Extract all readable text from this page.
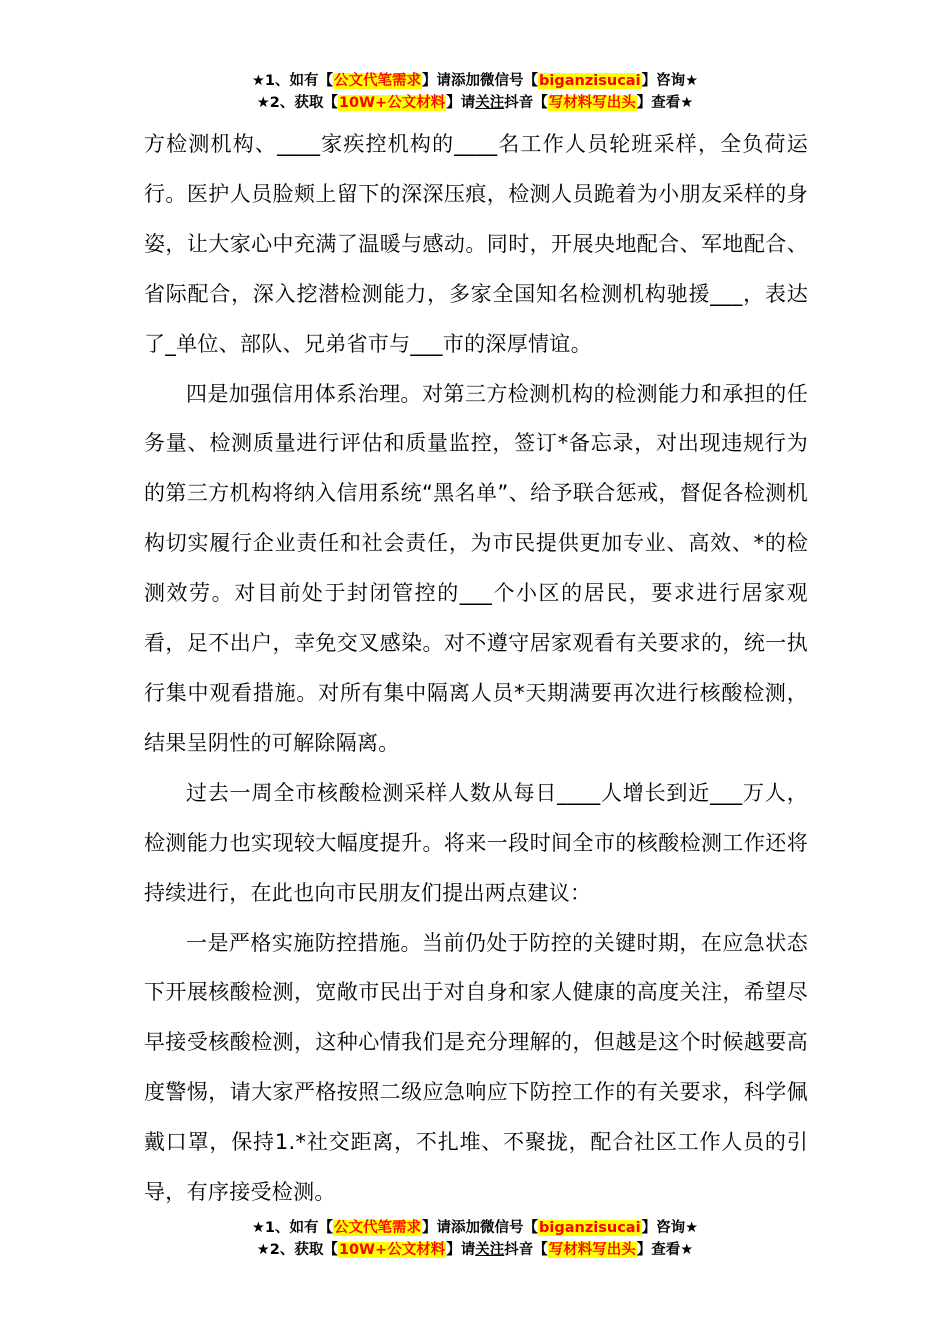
★1、如有【公文代笔需求】请添加微信号【biganzisucai】咨询★
★2、获取【10W+公文材料】请关注抖音【写材料写出头】查看★

方检测机构、____家疾控机构的____名工作人员轮班采样，全负荷运行。医护人员脸颊上留下的深深压痕，检测人员跪着为小朋友采样的身姿，让大家心中充满了温暖与感动。同时，开展央地配合、军地配合、省际配合，深入挖潜检测能力，多家全国知名检测机构驰援___，表达了_单位、部队、兄弟省市与___市的深厚情谊。

四是加强信用体系治理。对第三方检测机构的检测能力和承担的任务量、检测质量进行评估和质量监控，签订*备忘录，对出现违规行为的第三方机构将纳入信用系统“黑名单”、给予联合惩戒，督促各检测机构切实履行企业责任和社会责任，为市民提供更加专业、高效、*的检测效劳。对目前处于封闭管控的___个小区的居民，要求进行居家观看，足不出户，幸免交叉感染。对不遵守居家观看有关要求的，统一执行集中观看措施。对所有集中隔离人员*天期满要再次进行核酸检测，结果呈阴性的可解除隔离。

过去一周全市核酸检测采样人数从每日____人增长到近___万人，检测能力也实现较大幅度提升。将来一段时间全市的核酸检测工作还将持续进行，在此也向市民朋友们提出两点建议：

一是严格实施防控措施。当前仍处于防控的关键时期，在应急状态下开展核酸检测，宽敞市民出于对自身和家人健康的高度关注，希望尽早接受核酸检测，这种心情我们是充分理解的，但越是这个时候越要高度警惕，请大家严格按照二级应急响应下防控工作的有关要求，科学佩戴口罩，保持1.*社交距离，不扎堆、不聚拢，配合社区工作人员的引导，有序接受检测。

★1、如有【公文代笔需求】请添加微信号【biganzisucai】咨询★
★2、获取【10W+公文材料】请关注抖音【写材料写出头】查看★
